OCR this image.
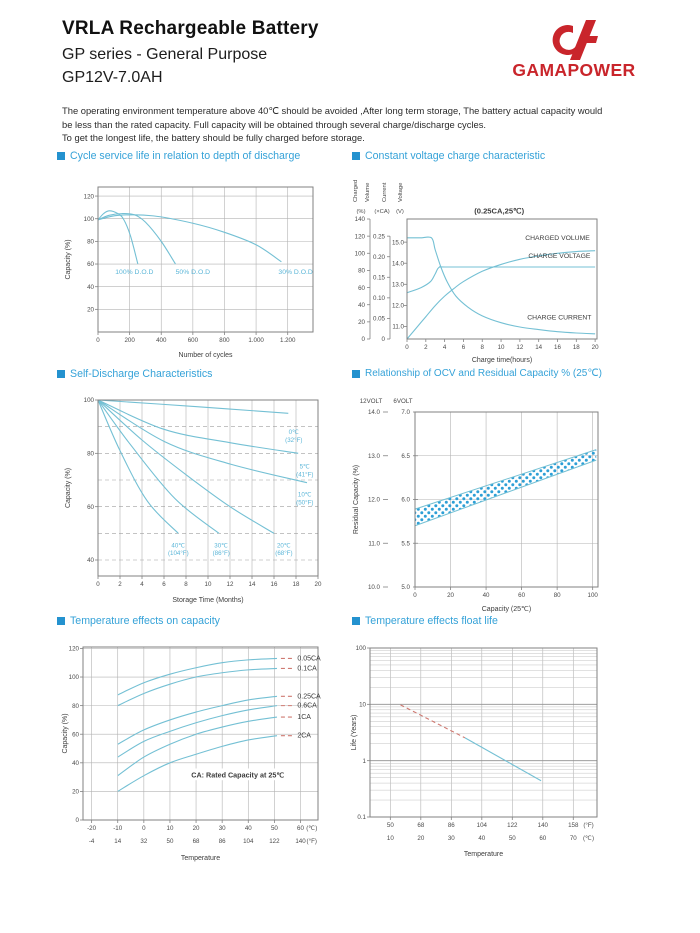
VRLA Rechargeable Battery
GP series - General Purpose
GP12V-7.0AH	GAMAPOWER
The operating environment temperature above 40℃ should be avoided ,After long term storage, The battery actual capacity would
be less than the rated capacity. Full capacity will be obtained through several charge/discharge cycles.
To get the longest life, the battery should be fully charged before storage.
Cycle service life in relation to depth of discharge	Constant voltage charge characteristic
Self-Discharge Characteristics	Relationship of OCV and Residual Capacity % (25℃)
Temperature effects on capacity	Temperature effects float life
0	200	400	600	800	1.000	1.200
20
40
60
80
100
120
Number of cycles
Capacity (%)	100% D.O.D	50% D.O.D	30% D.O.D
0 2 4 6 8 10 12 14 16 18 20
0
20
40
60
80
100
120
140
Charged Volume
(%)
0
0.05
0.10
0.15
0.20
0.25
Current
(×CA)
11.0
12.0
13.0
14.0
15.0
Voltage
(V)
Charge time(hours)
(0.25CA,25℃)
CHARGED VOLUME
CHARGE VOLTAGE
CHARGE CURRENT
0	2	4	6	8	10 12 14 16 18 20
40
60
80
100
Storage Time (Months)
Capacity (%)
0℃
(32°F)
5℃
(41°F)
10℃
(50°F)
40℃
(104°F)
30℃
(86°F)
20℃
(68°F)
0	20	40	60	80	100
10.0
11.0
12.0
13.0
14.0
12VOLT
5.0
5.5
6.0
6.5
7.0
6VOLT
Capacity (25℃)
Residual Capacity (%)
-20	-10	0	10	20	30	40	50	60
-4	14	32	50	68	86	104	122	140
(℃)
(°F)
0
20
40
60
80
100
120
Temperature
Capacity (%)
0.05CA
0.1CA
0.25CA
0.6CA
1CA
2CA
CA: Rated Capacity at 25℃
50	68	86	104	122	140	158
10	20	30	40	50	60	70
(°F)
(℃)
0.1
1
10
100
Temperature
Life (Years)
